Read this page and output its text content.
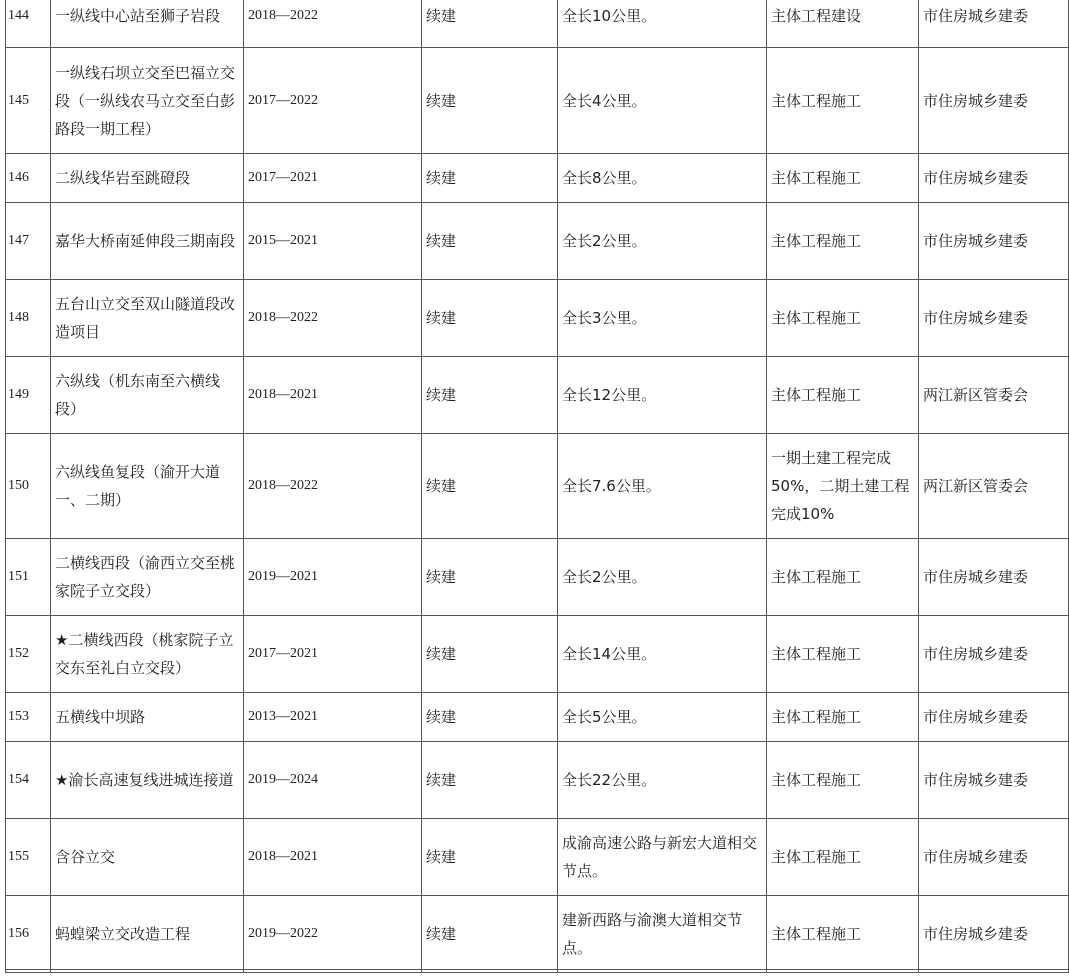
144	一纵线中心站至狮子岩段	2018—2022	续建	全长10公里。	主体工程建设	市住房城乡建委
145	一纵线石坝立交至巴福立交段（一纵线农马立交至白彭路段一期工程）	2017—2022	续建	全长4公里。	主体工程施工	市住房城乡建委
146	二纵线华岩至跳磴段	2017—2021	续建	全长8公里。	主体工程施工	市住房城乡建委
147	嘉华大桥南延伸段三期南段	2015—2021	续建	全长2公里。	主体工程施工	市住房城乡建委
148	五台山立交至双山隧道段改造项目	2018—2022	续建	全长3公里。	主体工程施工	市住房城乡建委
149	六纵线（机东南至六横线段）	2018—2021	续建	全长12公里。	主体工程施工	两江新区管委会
150	六纵线鱼复段（渝开大道一、二期）	2018—2022	续建	全长7.6公里。	一期土建工程完成50%，二期土建工程完成10%	两江新区管委会
151	二横线西段（渝西立交至桃家院子立交段）	2019—2021	续建	全长2公里。	主体工程施工	市住房城乡建委
152	★二横线西段（桃家院子立交东至礼白立交段）	2017—2021	续建	全长14公里。	主体工程施工	市住房城乡建委
153	五横线中坝路	2013—2021	续建	全长5公里。	主体工程施工	市住房城乡建委
154	★渝长高速复线进城连接道	2019—2024	续建	全长22公里。	主体工程施工	市住房城乡建委
155	含谷立交	2018—2021	续建	成渝高速公路与新宏大道相交节点。	主体工程施工	市住房城乡建委
156	蚂蝗梁立交改造工程	2019—2022	续建	建新西路与渝澳大道相交节点。	主体工程施工	市住房城乡建委
